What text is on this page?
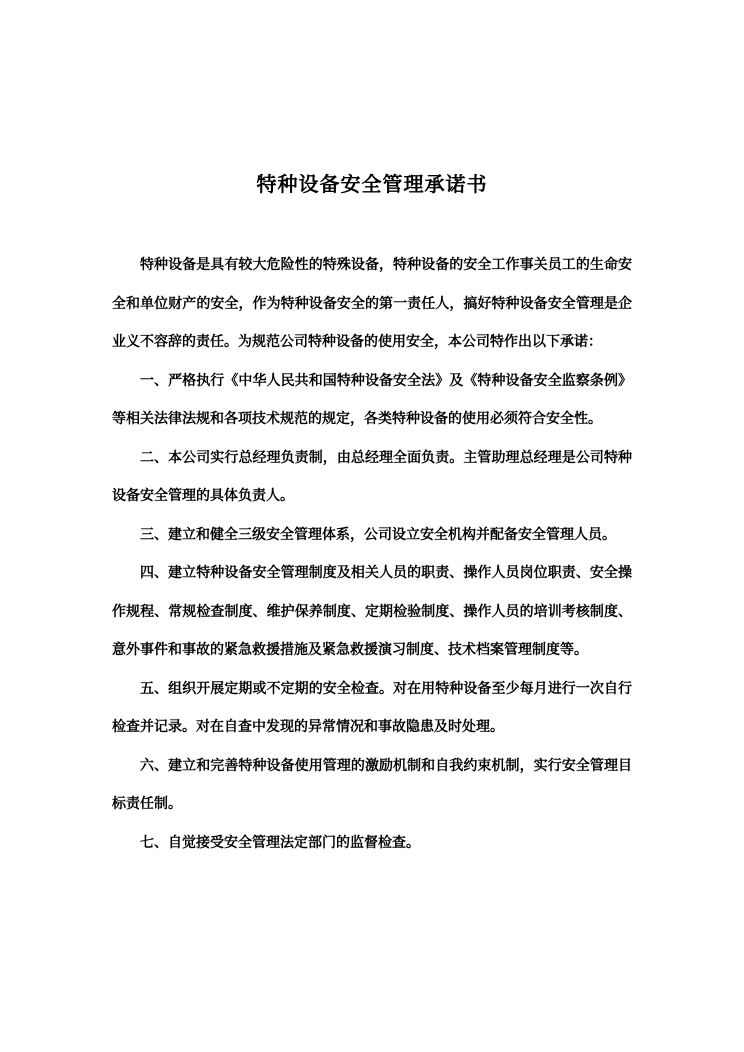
特种设备安全管理承诺书

特种设备是具有较大危险性的特殊设备，特种设备的安全工作事关员工的生命安全和单位财产的安全，作为特种设备安全的第一责任人，搞好特种设备安全管理是企业义不容辞的责任。为规范公司特种设备的使用安全，本公司特作出以下承诺：

一、严格执行《中华人民共和国特种设备安全法》及《特种设备安全监察条例》等相关法律法规和各项技术规范的规定，各类特种设备的使用必须符合安全性。

二、本公司实行总经理负责制，由总经理全面负责。主管助理总经理是公司特种设备安全管理的具体负责人。

三、建立和健全三级安全管理体系，公司设立安全机构并配备安全管理人员。

四、建立特种设备安全管理制度及相关人员的职责、操作人员岗位职责、安全操作规程、常规检查制度、维护保养制度、定期检验制度、操作人员的培训考核制度、意外事件和事故的紧急救援措施及紧急救援演习制度、技术档案管理制度等。

五、组织开展定期或不定期的安全检查。对在用特种设备至少每月进行一次自行检查并记录。对在自查中发现的异常情况和事故隐患及时处理。

六、建立和完善特种设备使用管理的激励机制和自我约束机制，实行安全管理目标责任制。

七、自觉接受安全管理法定部门的监督检查。
